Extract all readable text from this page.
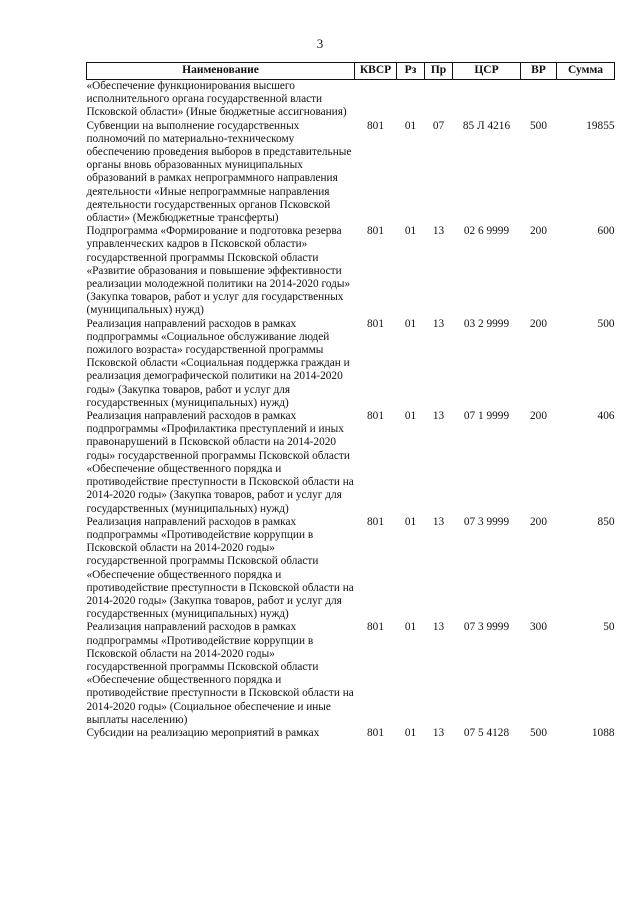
3
Наименование	КВСР	Рз	Пр	ЦСР	ВР	Сумма
«Обеспечение функционирования высшего исполнительного органа государственной власти Псковской области» (Иные бюджетные ассигнования)						
Субвенции на выполнение государственных полномочий по материально-техническому обеспечению проведения выборов в представительные органы вновь образованных муниципальных образований в рамках непрограммного направления деятельности «Иные непрограммные направления деятельности государственных органов Псковской области» (Межбюджетные трансферты)	801	01	07	85 Л 4216	500	19855
Подпрограмма «Формирование и подготовка резерва управленческих кадров в Псковской области» государственной программы Псковской области «Развитие образования и повышение эффективности реализации молодежной политики на 2014-2020 годы» (Закупка товаров, работ и услуг для государственных (муниципальных) нужд)	801	01	13	02 6 9999	200	600
Реализация направлений расходов в рамках подпрограммы «Социальное обслуживание людей пожилого возраста» государственной программы Псковской области «Социальная поддержка граждан и реализация демографической политики на 2014-2020 годы» (Закупка товаров, работ и услуг для государственных (муниципальных) нужд)	801	01	13	03 2 9999	200	500
Реализация направлений расходов в рамках подпрограммы «Профилактика преступлений и иных правонарушений в Псковской области на 2014-2020 годы» государственной программы Псковской области «Обеспечение общественного порядка и противодействие преступности в Псковской области на 2014-2020 годы» (Закупка товаров, работ и услуг для государственных (муниципальных) нужд)	801	01	13	07 1 9999	200	406
Реализация направлений расходов в рамках подпрограммы «Противодействие коррупции в Псковской области на 2014-2020 годы» государственной программы Псковской области «Обеспечение общественного порядка и противодействие преступности в Псковской области на 2014-2020 годы» (Закупка товаров, работ и услуг для государственных (муниципальных) нужд)	801	01	13	07 3 9999	200	850
Реализация направлений расходов в рамках подпрограммы «Противодействие коррупции в Псковской области на 2014-2020 годы» государственной программы Псковской области «Обеспечение общественного порядка и противодействие преступности в Псковской области на 2014-2020 годы» (Социальное обеспечение и иные выплаты населению)	801	01	13	07 3 9999	300	50
Субсидии на реализацию мероприятий в рамках	801	01	13	07 5 4128	500	1088
